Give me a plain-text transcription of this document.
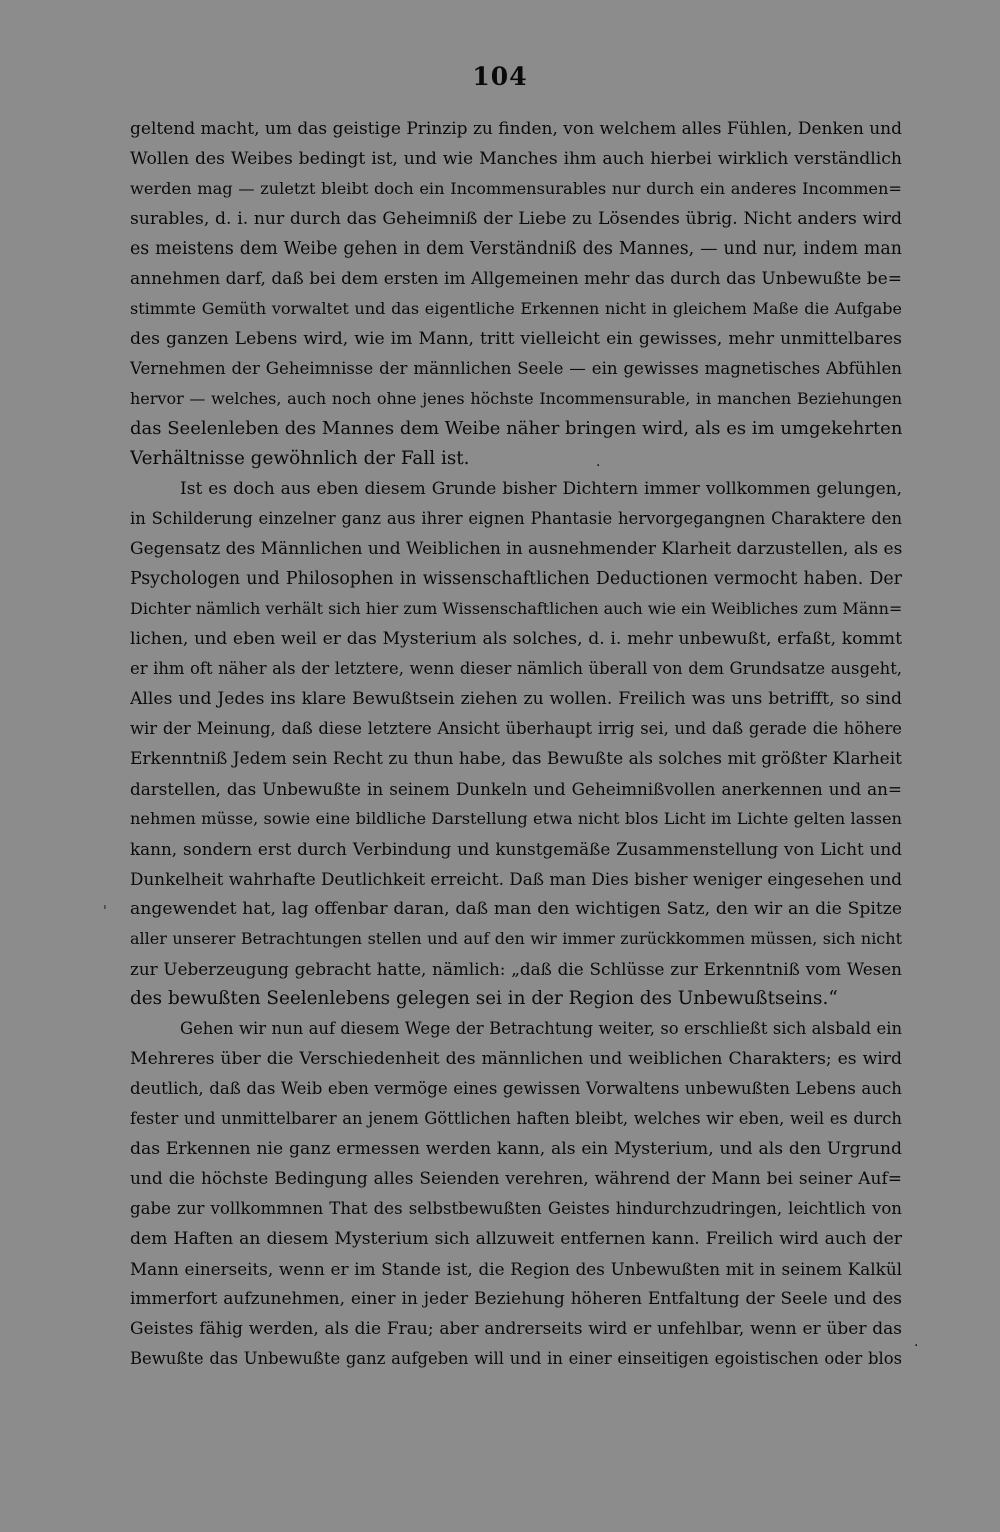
104
geltend macht, um das geistige Prinzip zu finden, von welchem alles Fühlen, Denken und
Wollen des Weibes bedingt ist, und wie Manches ihm auch hierbei wirklich verständlich
werden mag — zuletzt bleibt doch ein Incommensurables nur durch ein anderes Incommen=
surables, d. i. nur durch das Geheimniß der Liebe zu Lösendes übrig. Nicht anders wird
es meistens dem Weibe gehen in dem Verständniß des Mannes, — und nur, indem man
annehmen darf, daß bei dem ersten im Allgemeinen mehr das durch das Unbewußte be=
stimmte Gemüth vorwaltet und das eigentliche Erkennen nicht in gleichem Maße die Aufgabe
des ganzen Lebens wird, wie im Mann, tritt vielleicht ein gewisses, mehr unmittelbares
Vernehmen der Geheimnisse der männlichen Seele — ein gewisses magnetisches Abfühlen
hervor — welches, auch noch ohne jenes höchste Incommensurable, in manchen Beziehungen
das Seelenleben des Mannes dem Weibe näher bringen wird, als es im umgekehrten
Verhältnisse gewöhnlich der Fall ist.
Ist es doch aus eben diesem Grunde bisher Dichtern immer vollkommen gelungen,
in Schilderung einzelner ganz aus ihrer eignen Phantasie hervorgegangnen Charaktere den
Gegensatz des Männlichen und Weiblichen in ausnehmender Klarheit darzustellen, als es
Psychologen und Philosophen in wissenschaftlichen Deductionen vermocht haben. Der
Dichter nämlich verhält sich hier zum Wissenschaftlichen auch wie ein Weibliches zum Männ=
lichen, und eben weil er das Mysterium als solches, d. i. mehr unbewußt, erfaßt, kommt
er ihm oft näher als der letztere, wenn dieser nämlich überall von dem Grundsatze ausgeht,
Alles und Jedes ins klare Bewußtsein ziehen zu wollen. Freilich was uns betrifft, so sind
wir der Meinung, daß diese letztere Ansicht überhaupt irrig sei, und daß gerade die höhere
Erkenntniß Jedem sein Recht zu thun habe, das Bewußte als solches mit größter Klarheit
darstellen, das Unbewußte in seinem Dunkeln und Geheimnißvollen anerkennen und an=
nehmen müsse, sowie eine bildliche Darstellung etwa nicht blos Licht im Lichte gelten lassen
kann, sondern erst durch Verbindung und kunstgemäße Zusammenstellung von Licht und
Dunkelheit wahrhafte Deutlichkeit erreicht. Daß man Dies bisher weniger eingesehen und
angewendet hat, lag offenbar daran, daß man den wichtigen Satz, den wir an die Spitze
aller unserer Betrachtungen stellen und auf den wir immer zurückkommen müssen, sich nicht
zur Ueberzeugung gebracht hatte, nämlich: „daß die Schlüsse zur Erkenntniß vom Wesen
des bewußten Seelenlebens gelegen sei in der Region des Unbewußtseins.“
Gehen wir nun auf diesem Wege der Betrachtung weiter, so erschließt sich alsbald ein
Mehreres über die Verschiedenheit des männlichen und weiblichen Charakters; es wird
deutlich, daß das Weib eben vermöge eines gewissen Vorwaltens unbewußten Lebens auch
fester und unmittelbarer an jenem Göttlichen haften bleibt, welches wir eben, weil es durch
das Erkennen nie ganz ermessen werden kann, als ein Mysterium, und als den Urgrund
und die höchste Bedingung alles Seienden verehren, während der Mann bei seiner Auf=
gabe zur vollkommnen That des selbstbewußten Geistes hindurchzudringen, leichtlich von
dem Haften an diesem Mysterium sich allzuweit entfernen kann. Freilich wird auch der
Mann einerseits, wenn er im Stande ist, die Region des Unbewußten mit in seinem Kalkül
immerfort aufzunehmen, einer in jeder Beziehung höheren Entfaltung der Seele und des
Geistes fähig werden, als die Frau; aber andrerseits wird er unfehlbar, wenn er über das
Bewußte das Unbewußte ganz aufgeben will und in einer einseitigen egoistischen oder blos
ˈ
.
·
